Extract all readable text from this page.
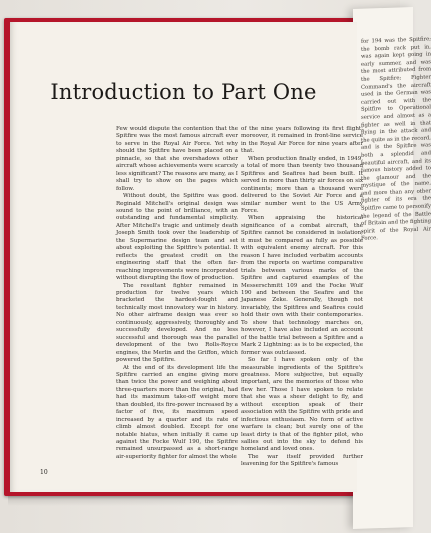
for 194 was the Spitfire; the bomb rack put in, was again kept going in early summer, and was the most attributed from the Spitfire; Fighter Command's the aircraft used in the German was carried out with the Spitfire to Operational service and almost as a fighter as well in that flying in the attack and the quite as in the record, and is the Spitfire was both a splendid and beautiful aircraft, and its famous history added to the glamour and the mystique of the name, and more than any other fighter of its era the Spitfire came to personify the legend of the Battle of Britain and the fighting spirit of the Royal Air Force.
Introduction to Part One

Few would dispute the contention that the Spitfire was the most famous aircraft ever to serve in the Royal Air Force. Yet why should the Spitfire have been placed on a pinnacle, so that she overshadows other aircraft whose achievements were scarcely less significant? The reasons are many, as I shall try to show on the pages which follow.

Without doubt, the Spitfire was good. Reginald Mitchell's original design was sound to the point of brilliance, with an outstanding and fundamental simplicity. After Mitchell's tragic and untimely death Joseph Smith took over the leadership of the Supermarine design team and set about exploiting the Spitfire's potential. It reflects the greatest credit on the engineering staff that the often far-reaching improvements were incorporated without disrupting the flow of production.

The resultant fighter remained in production for twelve years which bracketed the hardest-fought and technically most innovatory war in history. No other airframe design was ever so continuously, aggressively, thoroughly and successfully developed. And no less successful and thorough was the parallel development of the two Rolls-Royce engines, the Merlin and the Griffon, which powered the Spitfire.

At the end of its development life the Spitfire carried an engine giving more than twice the power and weighing about three-quarters more than the original, had had its maximum take-off weight more than doubled, its fire-power increased by a factor of five, its maximum speed increased by a quarter and its rate of climb almost doubled. Except for one notable hiatus, when initially it came up against the Focke Wulf 190, the Spitfire remained unsurpassed as a short-range air-superiority fighter for almost the whole

of the nine years following its first flight; moreover, it remained in front-line service in the Royal Air Force for nine years after that.

When production finally ended, in 1949, a total of more than twenty two thousand Spitfires and Seafires had been built. It served in more than thirty air forces on six continents; more than a thousand were delivered to the Soviet Air Force and a similar number went to the US Army Force.

When appraising the historical significance of a combat aircraft, the Spitfire cannot be considered in isolation; it must be compared as fully as possible with equivalent enemy aircraft. For this reason I have included verbatim accounts from the reports on wartime comparative trials between various marks of the Spitfire and captured examples of the Messerschmitt 109 and the Focke Wulf 190 and between the Seafire and the Japanese Zeke. Generally, though not invariably, the Spitfires and Seafires could hold their own with their contemporaries. To show that technology marches on, however, I have also included an account of the battle trial between a Spitfire and a Mark 2 Lightning: as is to be expected, the former was outclassed.

So far I have spoken only of the measurable ingredients of the Spitfire's greatness. More subjective, but equally important, are the memories of those who flew her. Those I have spoken to relate that she was a sheer delight to fly, and without exception speak of their association with the Spitfire with pride and infectious enthusiasm. No form of active warfare is clean; but surely one of the least dirty is that of the fighter pilot, who sallies out into the sky to defend his homeland and loved ones.

The war itself provided further leavening for the Spitfire's famous

10
